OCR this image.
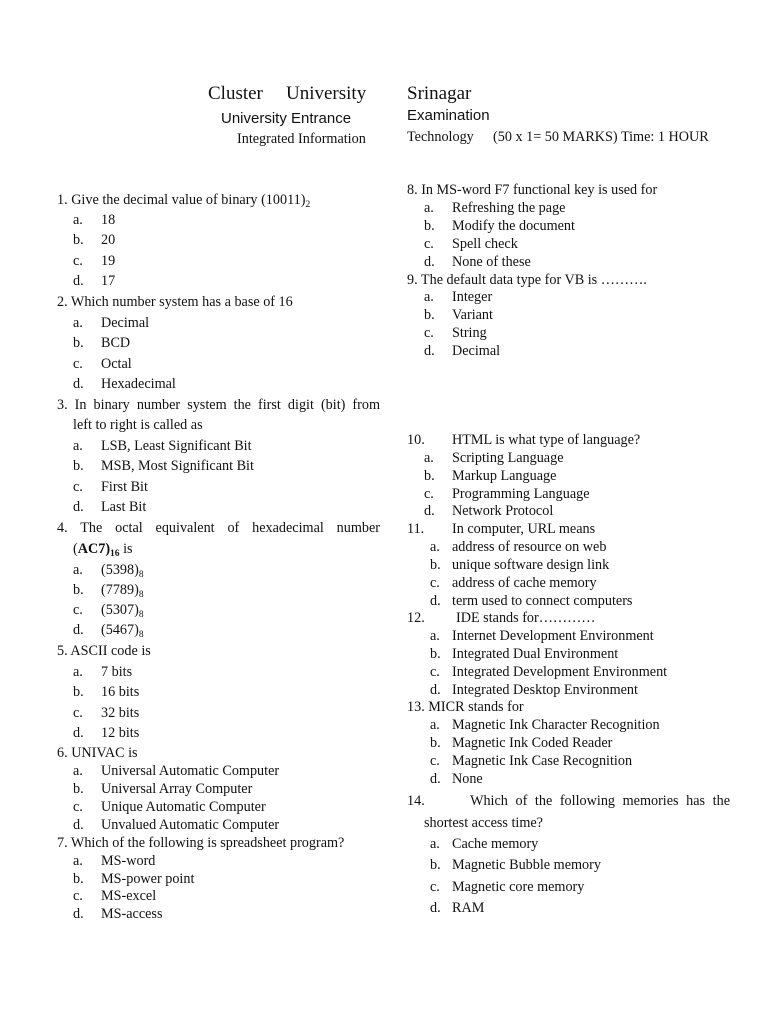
Cluster University Srinagar
University Entrance	Examination
Integrated Information	Technology (50 x 1= 50 MARKS) Time: 1 HOUR
1. Give the decimal value of binary $(10011)_2$
a. 18
b. 20
c. 19
d. 17
2. Which number system has a base of 16
a. Decimal
b. BCD
c. Octal
d. Hexadecimal
3. In binary number system the first digit (bit) from
left to right is called as
a. LSB, Least Significant Bit
b. MSB, Most Significant Bit
c. First Bit
d. Last Bit
4. The octal equivalent of hexadecimal number
$(AC7)_{16}$ is
a. $(5398)_8$
b. $(7789)_8$
c. $(5307)_8$
d. $(5467)_8$
5. ASCII code is
a. 7 bits
b. 16 bits
c. 32 bits
d. 12 bits
6. UNIVAC is
a. Universal Automatic Computer
b. Universal Array Computer
c. Unique Automatic Computer
d. Unvalued Automatic Computer
7. Which of the following is spreadsheet program?
a. MS-word
b. MS-power point
c. MS-excel
d. MS-access
8. In MS-word F7 functional key is used for
a. Refreshing the page
b. Modify the document
c. Spell check
d. None of these
9. The default data type for VB is ……….
a. Integer
b. Variant
c. String
d. Decimal
10. HTML is what type of language?
a. Scripting Language
b. Markup Language
c. Programming Language
d. Network Protocol
11. In computer, URL means
a. address of resource on web
b. unique software design link
c. address of cache memory
d. term used to connect computers
12. IDE stands for…………
a. Internet Development Environment
b. Integrated Dual Environment
c. Integrated Development Environment
d. Integrated Desktop Environment
13. MICR stands for
a. Magnetic Ink Character Recognition
b. Magnetic Ink Coded Reader
c. Magnetic Ink Case Recognition
d. None
14.      Which of the following memories has the
shortest access time?
a. Cache memory
b. Magnetic Bubble memory
c. Magnetic core memory
d. RAM
